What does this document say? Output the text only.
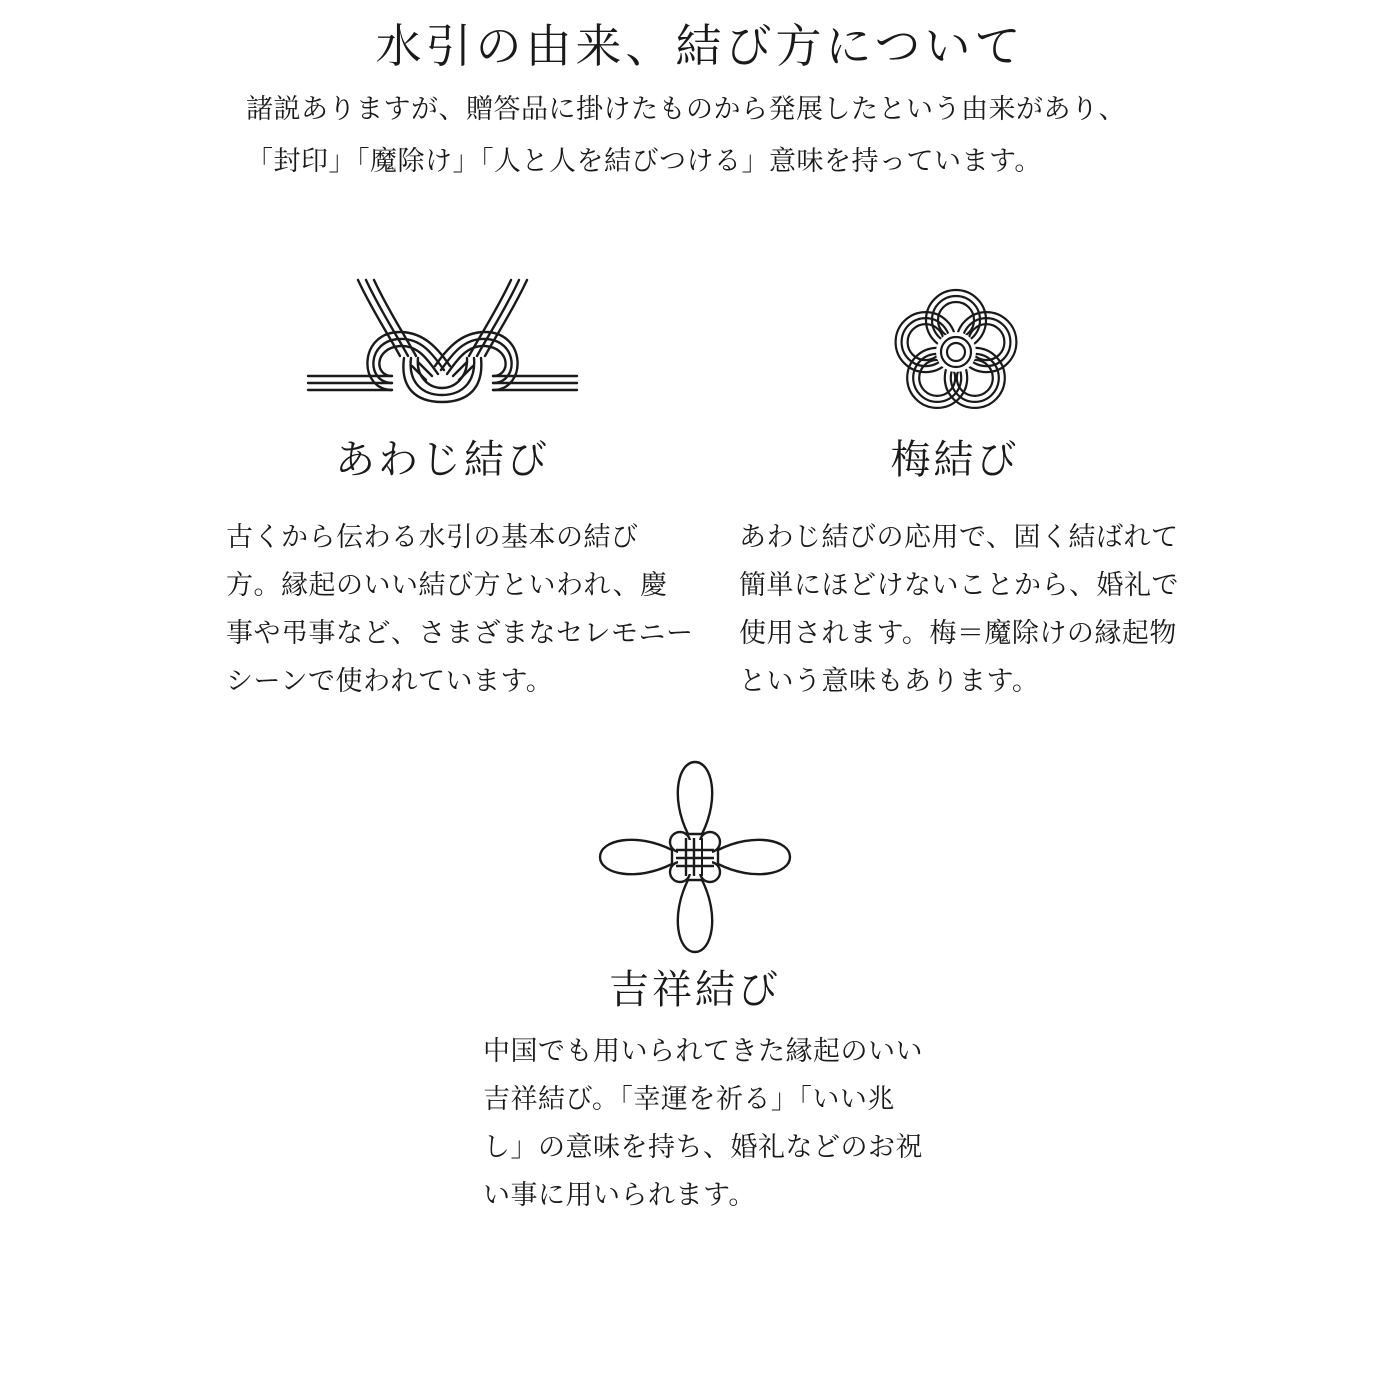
水引の由来、結び方について

諸説ありますが、贈答品に掛けたものから発展したという由来があり、

「封印」「魔除け」「人と人を結びつける」意味を持っています。

あわじ結び

古くから伝わる水引の基本の結び

方。縁起のいい結び方といわれ、慶

事や弔事など、さまざまなセレモニー

シーンで使われています。

梅結び

あわじ結びの応用で、固く結ばれて

簡単にほどけないことから、婚礼で

使用されます。梅＝魔除けの縁起物

という意味もあります。

吉祥結び

中国でも用いられてきた縁起のいい

吉祥結び。「幸運を祈る」「いい兆

し」の意味を持ち、婚礼などのお祝

い事に用いられます。
